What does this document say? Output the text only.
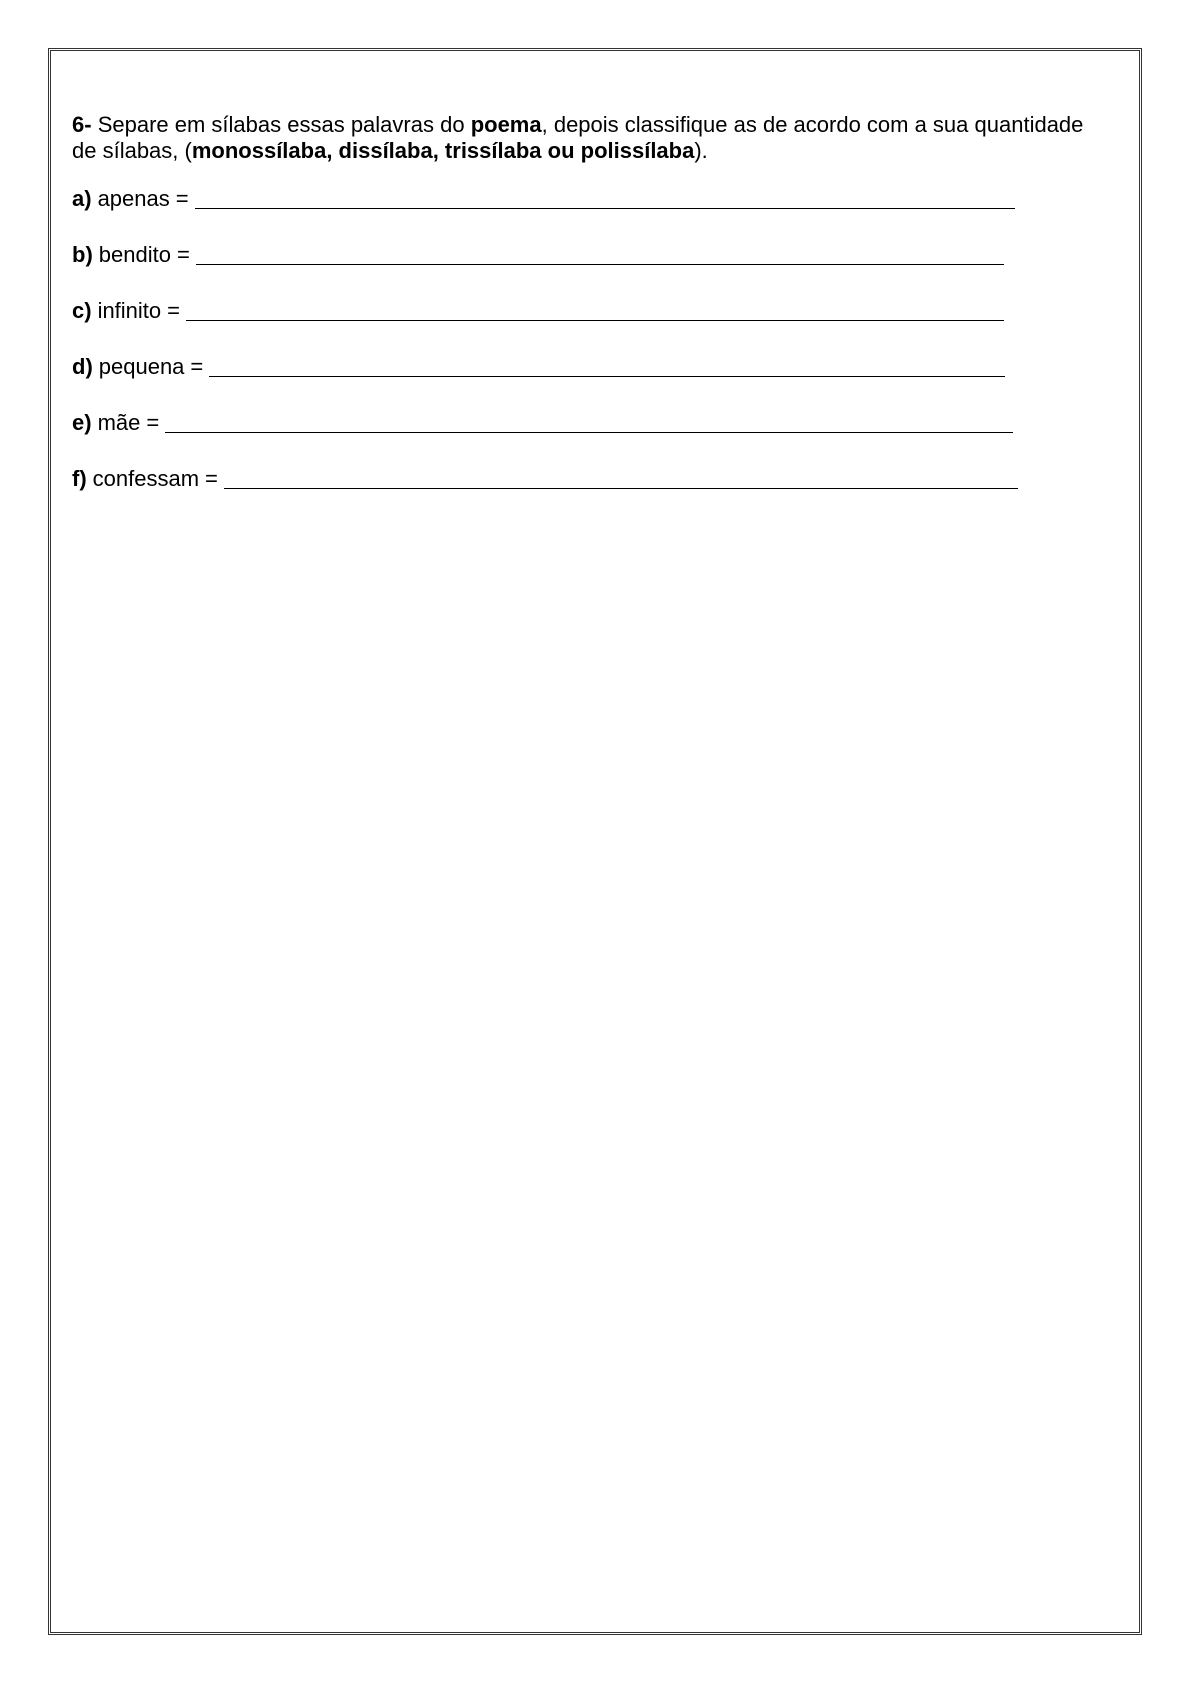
6- Separe em sílabas essas palavras do poema, depois classifique as de acordo com a sua quantidade de sílabas, (monossílaba, dissílaba, trissílaba ou polissílaba).

a) apenas =
b) bendito =
c) infinito =
d) pequena =
e) mãe =
f) confessam =
